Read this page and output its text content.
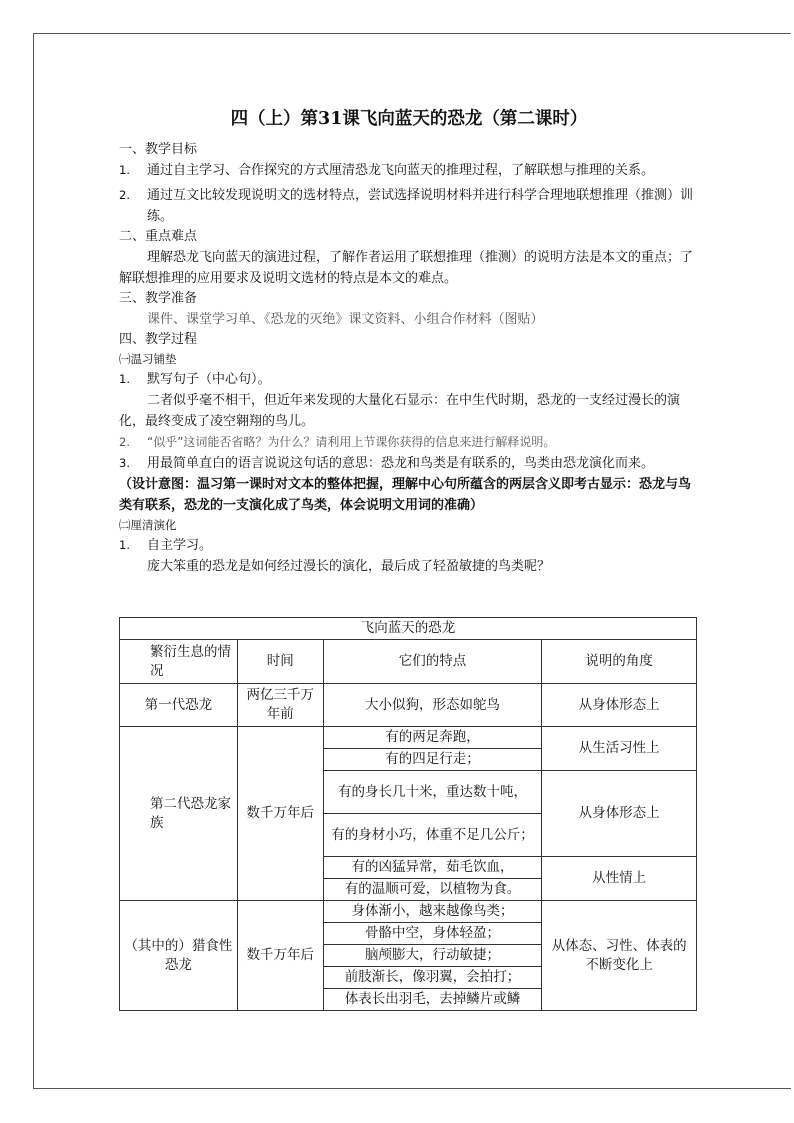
四（上）第31课飞向蓝天的恐龙（第二课时）
一、教学目标
1.	通过自主学习、合作探究的方式厘清恐龙飞向蓝天的推理过程，了解联想与推理的关系。
2.	通过互文比较发现说明文的选材特点，尝试选择说明材料并进行科学合理地联想推理（推测）训练。
二、重点难点

理解恐龙飞向蓝天的演进过程，了解作者运用了联想推理（推测）的说明方法是本文的重点；了解联想推理的应用要求及说明文选材的特点是本文的难点。

三、教学准备

课件、课堂学习单、《恐龙的灭绝》课文资料、小组合作材料（图贴）

四、教学过程
㈠温习铺垫
1.	默写句子（中心句）。

二者似乎毫不相干，但近年来发现的大量化石显示：在中生代时期，恐龙的一支经过漫长的演化，最终变成了凌空翱翔的鸟儿。

2.	“似乎”这词能否省略？为什么？请利用上节课你获得的信息来进行解释说明。
3.	用最简单直白的语言说说这句话的意思：恐龙和鸟类是有联系的，鸟类由恐龙演化而来。

（设计意图：温习第一课时对文本的整体把握，理解中心句所蕴含的两层含义即考古显示：恐龙与鸟类有联系，恐龙的一支演化成了鸟类，体会说明文用词的准确）

㈡厘清演化
1.	自主学习。

庞大笨重的恐龙是如何经过漫长的演化，最后成了轻盈敏捷的鸟类呢？

飞向蓝天的恐龙			
繁衍生息的情况	时间	它们的特点	说明的角度
第一代恐龙	两亿三千万年前	大小似狗，形态如鸵鸟	从身体形态上
第二代恐龙家族	数千万年后	有的两足奔跑，	从生活习性上
		有的四足行走；	
		有的身长几十米，重达数十吨，	从身体形态上
		有的身材小巧，体重不足几公斤；	
		有的凶猛异常，茹毛饮血，	从性情上
		有的温顺可爱，以植物为食。	
（其中的）猎食性恐龙	数千万年后	身体渐小，越来越像鸟类；	从体态、习性、体表的不断变化上
		骨骼中空，身体轻盈；	
		脑颅膨大，行动敏捷；	
		前肢渐长，像羽翼，会拍打；	
		体表长出羽毛，去掉鳞片或鳞	
